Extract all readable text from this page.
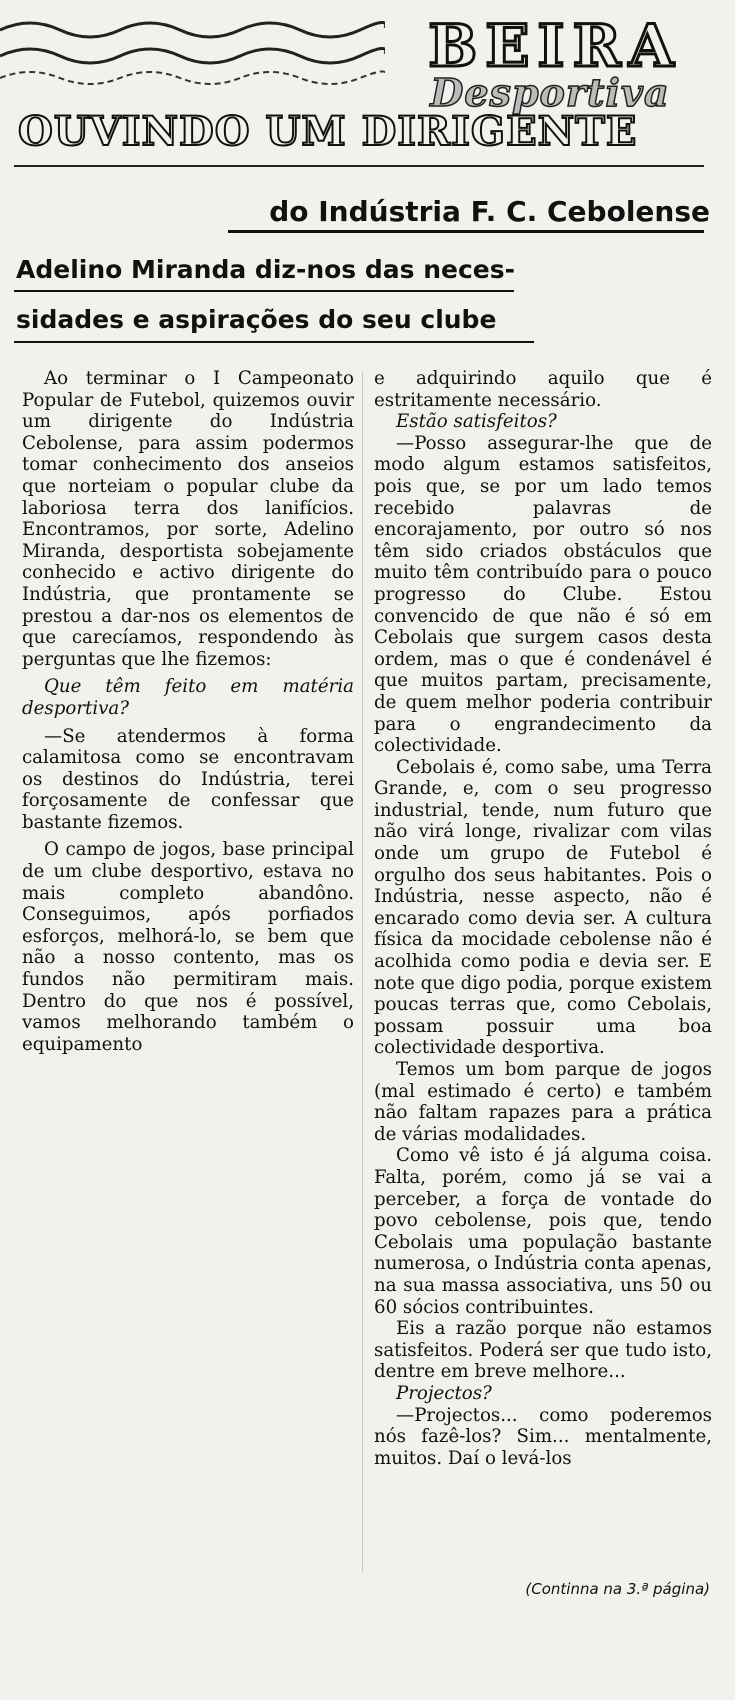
BEIRA
Desportiva
OUVINDO UM DIRIGENTE
do Indústria F. C. Cebolense
Adelino Miranda diz-nos das neces-
sidades e aspirações do seu clube

Ao terminar o I Campeonato Popular de Futebol, quizemos ouvir um dirigente do Indústria Cebolense, para assim podermos tomar conhecimento dos anseios que norteiam o popular clube da laboriosa terra dos lanifícios. Encontramos, por sorte, Adelino Miranda, desportista sobejamente conhecido e activo dirigente do Indústria, que prontamente se prestou a dar-nos os elementos de que carecíamos, respondendo às perguntas que lhe fizemos:

Que têm feito em matéria desportiva?

—Se atendermos à forma calamitosa como se encontravam os destinos do Indústria, terei forçosamente de confessar que bastante fizemos.

O campo de jogos, base principal de um clube desportivo, estava no mais completo abandôno. Conseguimos, após porfiados esforços, melhorá-lo, se bem que não a nosso contento, mas os fundos não permitiram mais. Dentro do que nos é possível, vamos melhorando também o equipamento

e adquirindo aquilo que é estritamente necessário.

Estão satisfeitos?

—Posso assegurar-lhe que de modo algum estamos satisfeitos, pois que, se por um lado temos recebido palavras de encorajamento, por outro só nos têm sido criados obstáculos que muito têm contribuído para o pouco progresso do Clube. Estou convencido de que não é só em Cebolais que surgem casos desta ordem, mas o que é condenável é que muitos partam, precisamente, de quem melhor poderia contribuir para o engrandecimento da colectividade.

Cebolais é, como sabe, uma Terra Grande, e, com o seu progresso industrial, tende, num futuro que não virá longe, rivalizar com vilas onde um grupo de Futebol é orgulho dos seus habitantes. Pois o Indústria, nesse aspecto, não é encarado como devia ser. A cultura física da mocidade cebolense não é acolhida como podia e devia ser. E note que digo podia, porque existem poucas terras que, como Cebolais, possam possuir uma boa colectividade desportiva.

Temos um bom parque de jogos (mal estimado é certo) e também não faltam rapazes para a prática de várias modalidades.

Como vê isto é já alguma coisa. Falta, porém, como já se vai a perceber, a força de vontade do povo cebolense, pois que, tendo Cebolais uma população bastante numerosa, o Indústria conta apenas, na sua massa associativa, uns 50 ou 60 sócios contribuintes.

Eis a razão porque não estamos satisfeitos. Poderá ser que tudo isto, dentre em breve melhore...

Projectos?

—Projectos... como poderemos nós fazê-los? Sim... mentalmente, muitos. Daí o levá-los

(Continna na 3.ª página)
